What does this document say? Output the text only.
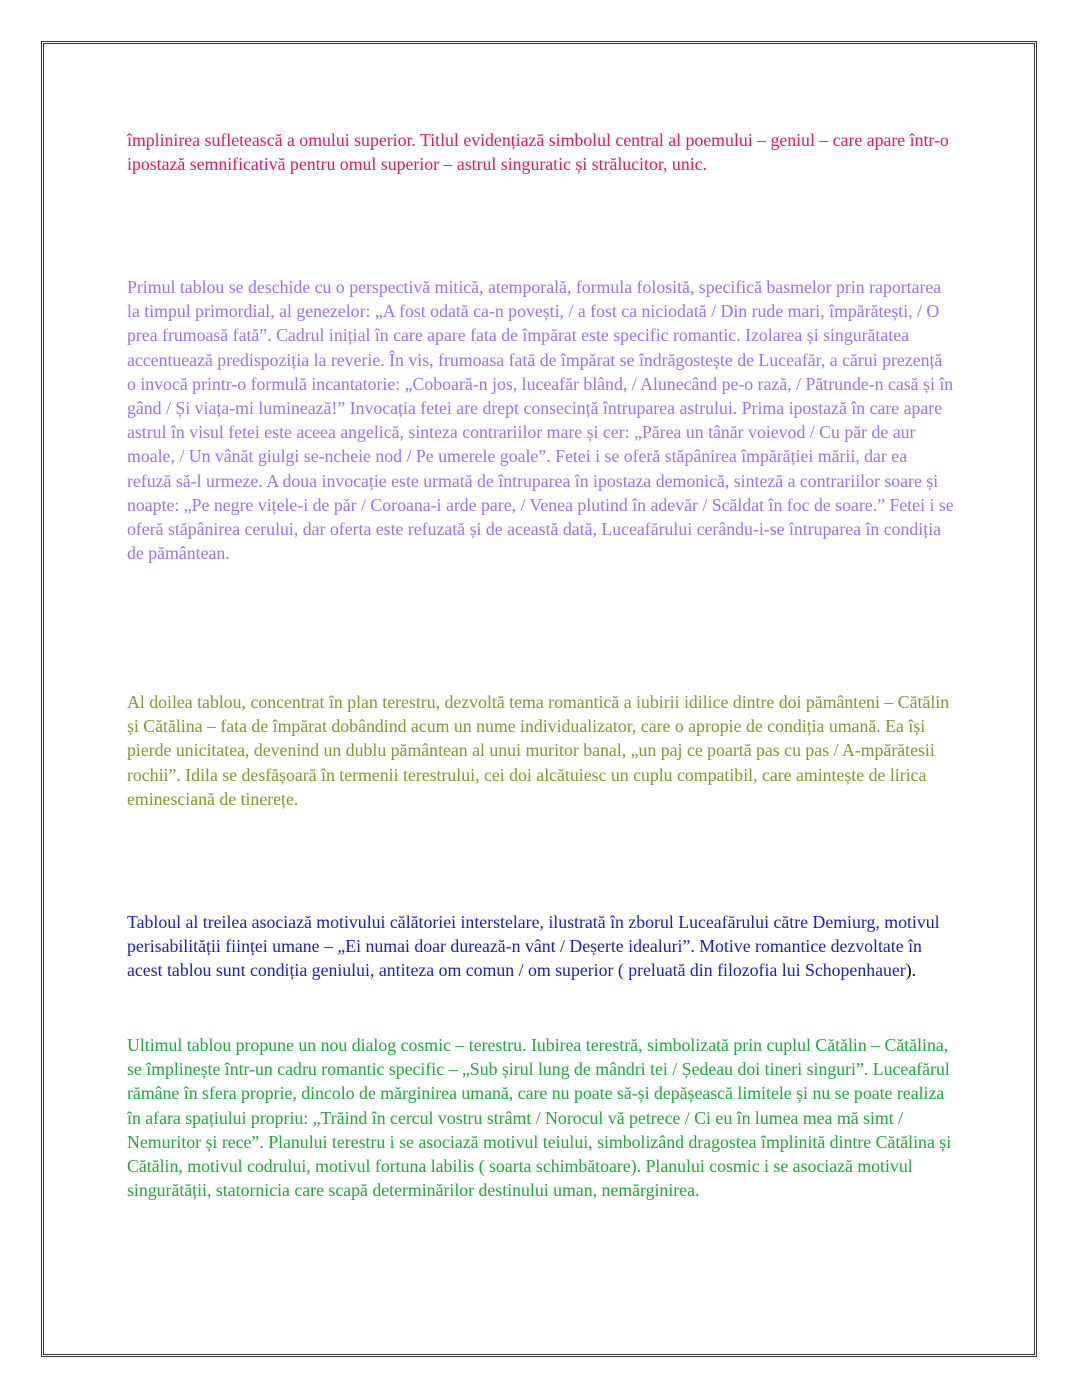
împlinirea sufletească a omului superior. Titlul evidențiază simbolul central al poemului – geniul – care apare într-o ipostază semnificativă pentru omul superior – astrul singuratic și strălucitor, unic.

Primul tablou se deschide cu o perspectivă mitică, atemporală, formula folosită, specifică basmelor prin raportarea la timpul primordial, al genezelor: „A fost odată ca-n povești, / a fost ca niciodată / Din rude mari, împărătești, / O prea frumoasă fată”. Cadrul inițial în care apare fata de împărat este specific romantic. Izolarea și singurătatea accentuează predispoziția la reverie. În vis, frumoasa fată de împărat se îndrăgostește de Luceafăr, a cărui prezență o invocă printr-o formulă incantatorie: „Coboară-n jos, luceafăr blând, / Alunecând pe-o rază, / Pătrunde-n casă și în gând / Și viața-mi luminează!” Invocația fetei are drept consecință întruparea astrului. Prima ipostază în care apare astrul în visul fetei este aceea angelică, sinteza contrariilor mare și cer: „Părea un tânăr voievod / Cu păr de aur moale, / Un vânăt giulgi se-ncheie nod / Pe umerele goale”. Fetei i se oferă stăpânirea împărăției mării, dar ea refuză să-l urmeze. A doua invocație este urmată de întruparea în ipostaza demonică, sinteză a contrariilor soare și noapte: „Pe negre vițele-i de păr / Coroana-i arde pare, / Venea plutind în adevăr / Scăldat în foc de soare.” Fetei i se oferă stăpânirea cerului, dar oferta este refuzată și de această dată, Luceafărului cerându-i-se întruparea în condiția de pământean.

Al doilea tablou, concentrat în plan terestru, dezvoltă tema romantică a iubirii idilice dintre doi pământeni – Cătălin și Cătălina – fata de împărat dobândind acum un nume individualizator, care o apropie de condiția umană. Ea își pierde unicitatea, devenind un dublu pământean al unui muritor banal, „un paj ce poartă pas cu pas / A-mpărătesii rochii”. Idila se desfășoară în termenii terestrului, cei doi alcătuiesc un cuplu compatibil, care amintește de lirica eminesciană de tinerețe.

Tabloul al treilea asociază motivului călătoriei interstelare, ilustrată în zborul Luceafărului către Demiurg, motivul perisabilității ființei umane – „Ei numai doar durează-n vânt / Deșerte idealuri”. Motive romantice dezvoltate în acest tablou sunt condiția geniului, antiteza om comun / om superior ( preluată din filozofia lui Schopenhauer).

Ultimul tablou propune un nou dialog cosmic – terestru. Iubirea terestră, simbolizată prin cuplul Cătălin – Cătălina, se împlinește într-un cadru romantic specific – „Sub șirul lung de mândri tei / Ședeau doi tineri singuri”. Luceafărul rămâne în sfera proprie, dincolo de mărginirea umană, care nu poate să-și depășească limitele și nu se poate realiza în afara spațiului propriu: „Trăind în cercul vostru strâmt / Norocul vă petrece / Ci eu în lumea mea mă simt / Nemuritor și rece”. Planului terestru i se asociază motivul teiului, simbolizând dragostea împlinită dintre Cătălina și Cătălin, motivul codrului, motivul fortuna labilis ( soarta schimbătoare). Planului cosmic i se asociază motivul singurătății, statornicia care scapă determinărilor destinului uman, nemărginirea.
